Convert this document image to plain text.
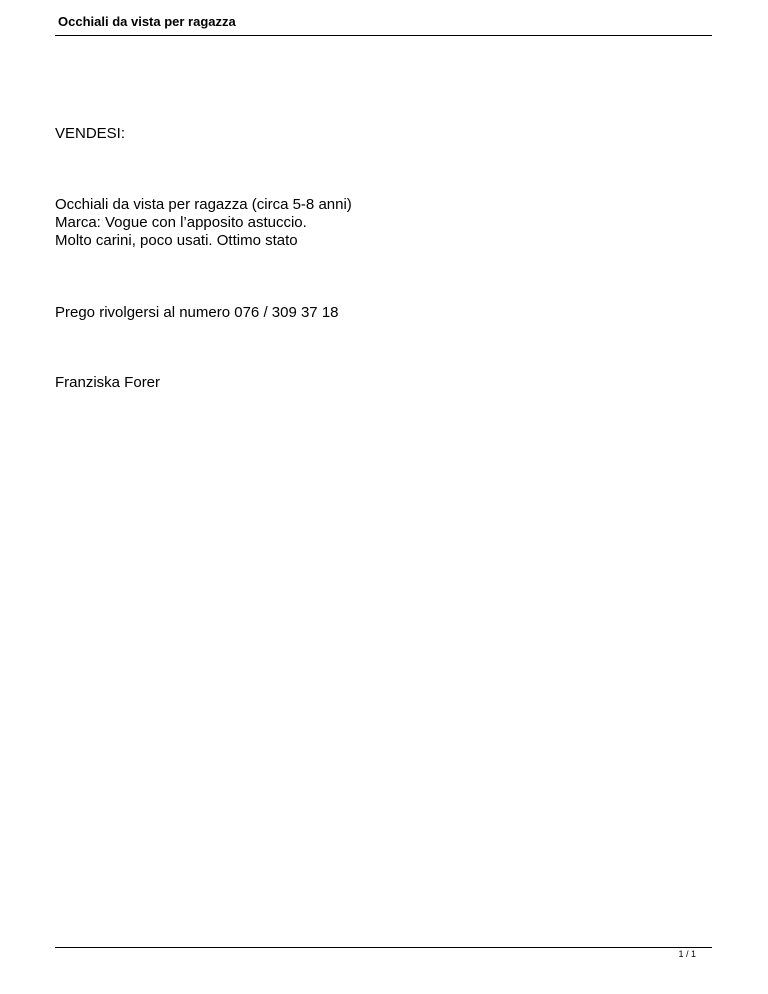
Occhiali da vista per ragazza
VENDESI:
Occhiali da vista per ragazza (circa 5-8 anni)
Marca: Vogue con l’apposito astuccio.
Molto carini, poco usati. Ottimo stato
Prego rivolgersi al numero 076 / 309 37 18
Franziska Forer
1 / 1
